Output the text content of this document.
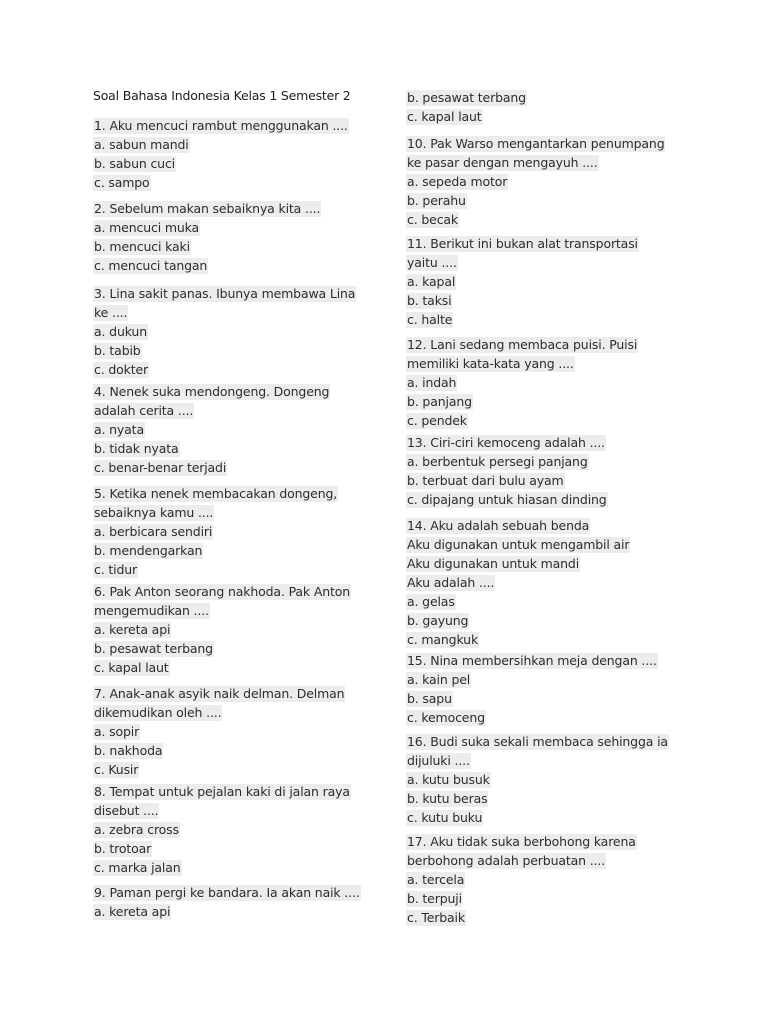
Soal Bahasa Indonesia Kelas 1 Semester 2
1. Aku mencuci rambut menggunakan ....
a. sabun mandi
b. sabun cuci
c. sampo
2. Sebelum makan sebaiknya kita ....
a. mencuci muka
b. mencuci kaki
c. mencuci tangan
3. Lina sakit panas. Ibunya membawa Lina
ke ....
a. dukun
b. tabib
c. dokter
4. Nenek suka mendongeng. Dongeng
adalah cerita ....
a. nyata
b. tidak nyata
c. benar-benar terjadi
5. Ketika nenek membacakan dongeng,
sebaiknya kamu ....
a. berbicara sendiri
b. mendengarkan
c. tidur
6. Pak Anton seorang nakhoda. Pak Anton
mengemudikan ....
a. kereta api
b. pesawat terbang
c. kapal laut
7. Anak-anak asyik naik delman. Delman
dikemudikan oleh ....
a. sopir
b. nakhoda
c. Kusir
8. Tempat untuk pejalan kaki di jalan raya
disebut ....
a. zebra cross
b. trotoar
c. marka jalan
9. Paman pergi ke bandara. Ia akan naik ....
a. kereta api
b. pesawat terbang
c. kapal laut
10. Pak Warso mengantarkan penumpang
ke pasar dengan mengayuh ....
a. sepeda motor
b. perahu
c. becak
11. Berikut ini bukan alat transportasi
yaitu ....
a. kapal
b. taksi
c. halte
12. Lani sedang membaca puisi. Puisi
memiliki kata-kata yang ....
a. indah
b. panjang
c. pendek
13. Ciri-ciri kemoceng adalah ....
a. berbentuk persegi panjang
b. terbuat dari bulu ayam
c. dipajang untuk hiasan dinding
14. Aku adalah sebuah benda
Aku digunakan untuk mengambil air
Aku digunakan untuk mandi
Aku adalah ....
a. gelas
b. gayung
c. mangkuk
15. Nina membersihkan meja dengan ....
a. kain pel
b. sapu
c. kemoceng
16. Budi suka sekali membaca sehingga ia
dijuluki ....
a. kutu busuk
b. kutu beras
c. kutu buku
17. Aku tidak suka berbohong karena
berbohong adalah perbuatan ....
a. tercela
b. terpuji
c. Terbaik
